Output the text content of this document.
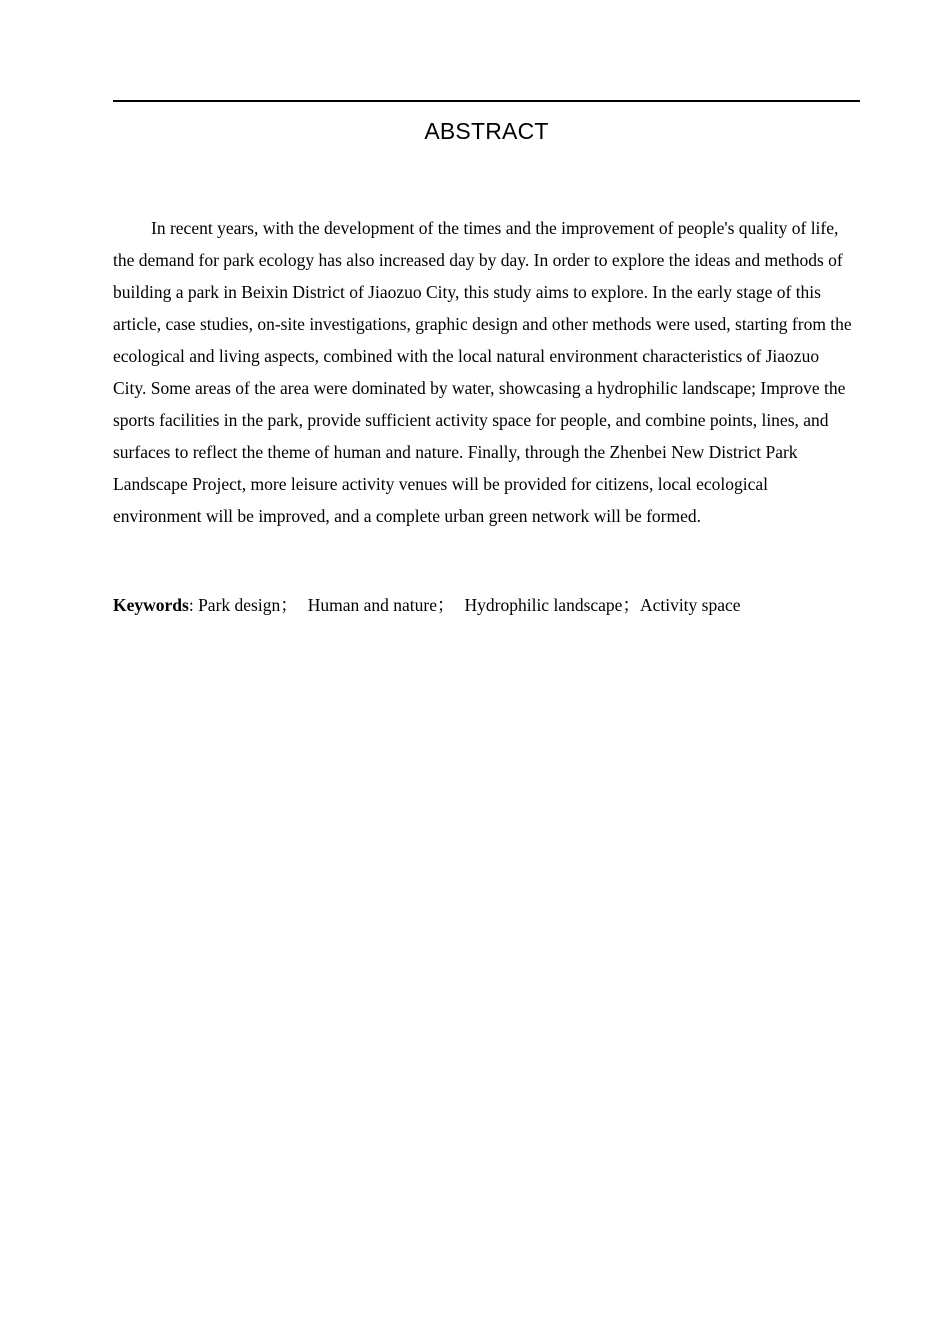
ABSTRACT

In recent years, with the development of the times and the improvement of people's quality of life, the demand for park ecology has also increased day by day. In order to explore the ideas and methods of building a park in Beixin District of Jiaozuo City, this study aims to explore. In the early stage of this article, case studies, on-site investigations, graphic design and other methods were used, starting from the ecological and living aspects, combined with the local natural environment characteristics of Jiaozuo City. Some areas of the area were dominated by water, showcasing a hydrophilic landscape; Improve the sports facilities in the park, provide sufficient activity space for people, and combine points, lines, and surfaces to reflect the theme of human and nature. Finally, through the Zhenbei New District Park Landscape Project, more leisure activity venues will be provided for citizens, local ecological environment will be improved, and a complete urban green network will be formed.

Keywords: Park design； Human and nature； Hydrophilic landscape；Activity space
